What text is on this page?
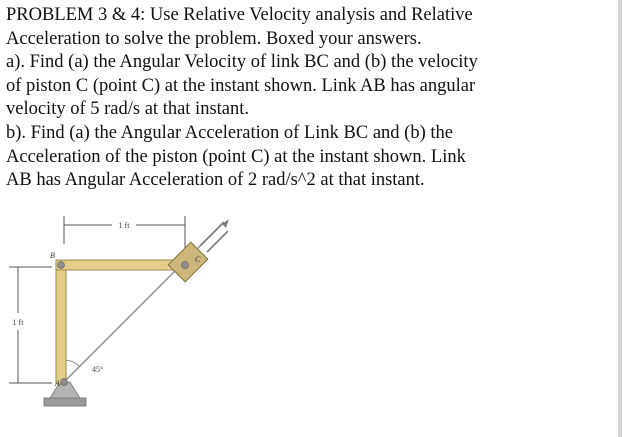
PROBLEM 3 & 4: Use Relative Velocity analysis and Relative
Acceleration to solve the problem. Boxed your answers.
a). Find (a) the Angular Velocity of link BC and (b) the velocity
of piston C (point C) at the instant shown. Link AB has angular
velocity of 5 rad/s at that instant.
b). Find (a) the Angular Acceleration of Link BC and (b) the
Acceleration of the piston (point C) at the instant shown. Link
AB has Angular Acceleration of 2 rad/s^2 at that instant.
1 ft
1 ft
45°
B	C
A
